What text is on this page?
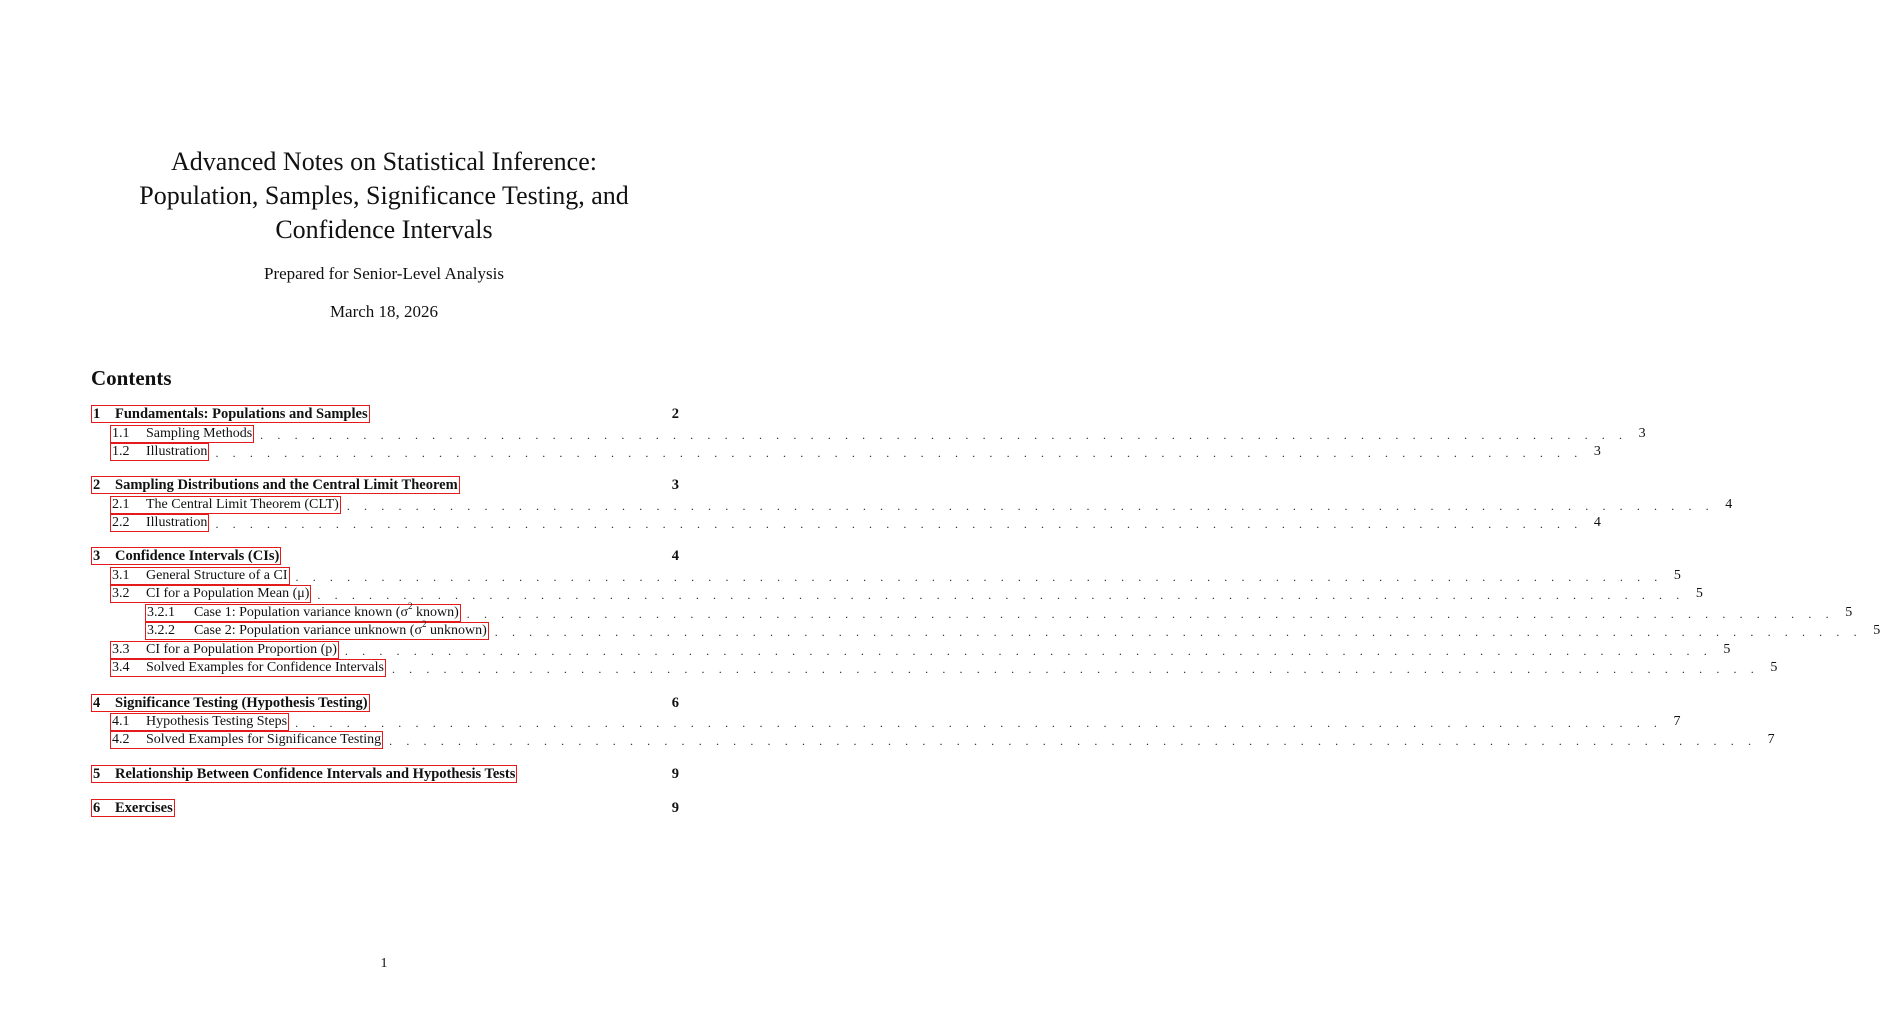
Advanced Notes on Statistical Inference:
Population, Samples, Significance Testing, and
Confidence Intervals
Prepared for Senior-Level Analysis
March 18, 2026
Contents
1	Fundamentals: Populations and Samples	2
1.1	Sampling Methods . . . . . . . . . . . . . . . . . . . . . . . . . . . . . . . . . . . . . . . . . . . . . . . . . . . . . . . . . . . . . . . . . . . . . . . . . . . . . . . . 3
1.2	Illustration . . . . . . . . . . . . . . . . . . . . . . . . . . . . . . . . . . . . . . . . . . . . . . . . . . . . . . . . . . . . . . . . . . . . . . . . . . . . . . . . 3
2	Sampling Distributions and the Central Limit Theorem	3
2.1	The Central Limit Theorem (CLT) . . . . . . . . . . . . . . . . . . . . . . . . . . . . . . . . . . . . . . . . . . . . . . . . . . . . . . . . . . . . . . . . . . . . . . . . . . . . . . . . 4
2.2	Illustration . . . . . . . . . . . . . . . . . . . . . . . . . . . . . . . . . . . . . . . . . . . . . . . . . . . . . . . . . . . . . . . . . . . . . . . . . . . . . . . . 4
3	Confidence Intervals (CIs)	4
3.1	General Structure of a CI . . . . . . . . . . . . . . . . . . . . . . . . . . . . . . . . . . . . . . . . . . . . . . . . . . . . . . . . . . . . . . . . . . . . . . . . . . . . . . . . 5
3.2	CI for a Population Mean (μ) . . . . . . . . . . . . . . . . . . . . . . . . . . . . . . . . . . . . . . . . . . . . . . . . . . . . . . . . . . . . . . . . . . . . . . . . . . . . . . . . 5
3.2.1	Case 1: Population variance known ($\sigma^2$ known) . . . . . . . . . . . . . . . . . . . . . . . . . . . . . . . . . . . . . . . . . . . . . . . . . . . . . . . . . . . . . . . . . . . . . . . . . . . . . . . . 5
3.2.2	Case 2: Population variance unknown ($\sigma^2$ unknown) . . . . . . . . . . . . . . . . . . . . . . . . . . . . . . . . . . . . . . . . . . . . . . . . . . . . . . . . . . . . . . . . . . . . . . . . . . . . . . . . 5
3.3	CI for a Population Proportion (p) . . . . . . . . . . . . . . . . . . . . . . . . . . . . . . . . . . . . . . . . . . . . . . . . . . . . . . . . . . . . . . . . . . . . . . . . . . . . . . . . 5
3.4	Solved Examples for Confidence Intervals . . . . . . . . . . . . . . . . . . . . . . . . . . . . . . . . . . . . . . . . . . . . . . . . . . . . . . . . . . . . . . . . . . . . . . . . . . . . . . . . 5
4	Significance Testing (Hypothesis Testing)	6
4.1	Hypothesis Testing Steps . . . . . . . . . . . . . . . . . . . . . . . . . . . . . . . . . . . . . . . . . . . . . . . . . . . . . . . . . . . . . . . . . . . . . . . . . . . . . . . . 7
4.2	Solved Examples for Significance Testing . . . . . . . . . . . . . . . . . . . . . . . . . . . . . . . . . . . . . . . . . . . . . . . . . . . . . . . . . . . . . . . . . . . . . . . . . . . . . . . . 7
5	Relationship Between Confidence Intervals and Hypothesis Tests	9
6	Exercises	9
1
